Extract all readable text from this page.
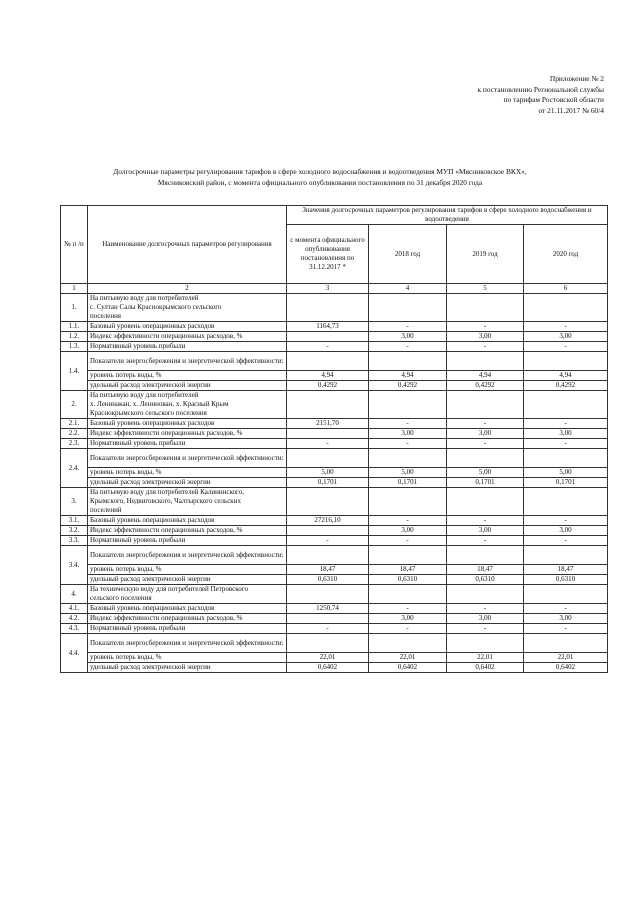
Приложение № 2
к постановлению Региональной службы
по тарифам Ростовской области
от 21.11.2017 № 60/4
Долгосрочные параметры регулирования тарифов в сфере холодного водоснабжения и водоотведения МУП «Мясниковское ВКХ»,
Мясниковский район, с момента официального опубликования постановления по 31 декабря 2020 года
№ п /п	Наименование долгосрочных параметров регулирования	Значения долгосрочных параметров регулирования тарифов в сфере холодного водоснабжения и водоотведения			
		с момента официального опубликования постановления по 31.12.2017 *	2018 год	2019 год	2020 год
1	2	3	4	5	6
1.	На питьевую воду для потребителей
с. Султан Салы Краснокрымского сельского
поселения				

1.1.	Базовый уровень операционных расходов	1164,73	-	-	-
1.2.	Индекс эффективности операционных расходов, %		3,00	3,00	3,00
1.3.	Нормативный уровень прибыли	-	-	-	-
1.4.	Показатели энергосбережения и энергетической эффективности:				
	уровень потерь воды, %	4,94	4,94	4,94	4,94
	удельный расход электрической энергии	0,4292	0,4292	0,4292	0,4292
2.	На питьевую воду для потребителей
х. Ленинакан, х. Ленинован, х. Красный Крым
Краснокрымского сельского поселения				

2.1.	Базовый уровень операционных расходов	2151,70	-	-	-
2.2.	Индекс эффективности операционных расходов, %		3,00	3,00	3,00
2.3.	Нормативный уровень прибыли	-	-	-	-
2.4.	Показатели энергосбережения и энергетической эффективности:				
	уровень потерь воды, %	5,00	5,00	5,00	5,00
	удельный расход электрической энергии	0,1701	0,1701	0,1701	0,1701
3.	На питьевую воду для потребителей Калининского,
Крымского, Недвиговского, Чалтырского сельских
поселений				

3.1.	Базовый уровень операционных расходов	27216,10	-	-	-
3.2.	Индекс эффективности операционных расходов, %		3,00	3,00	3,00
3.3.	Нормативный уровень прибыли	-	-	-	-
3.4.	Показатели энергосбережения и энергетической эффективности:				
	уровень потерь воды, %	18,47	18,47	18,47	18,47
	удельный расход электрической энергии	0,6310	0,6310	0,6310	0,6310
4.	На техническую воду для потребителей Петровского
сельского поселения				

4.1.	Базовый уровень операционных расходов	1250,74	-	-	-
4.2.	Индекс эффективности операционных расходов, %		3,00	3,00	3,00
4.3.	Нормативный уровень прибыли	-	-	-	-
4.4.	Показатели энергосбережения и энергетической эффективности:				
	уровень потерь воды, %	22,01	22,01	22,01	22,01
	удельный расход электрической энергии	0,6402	0,6402	0,6402	0,6402
